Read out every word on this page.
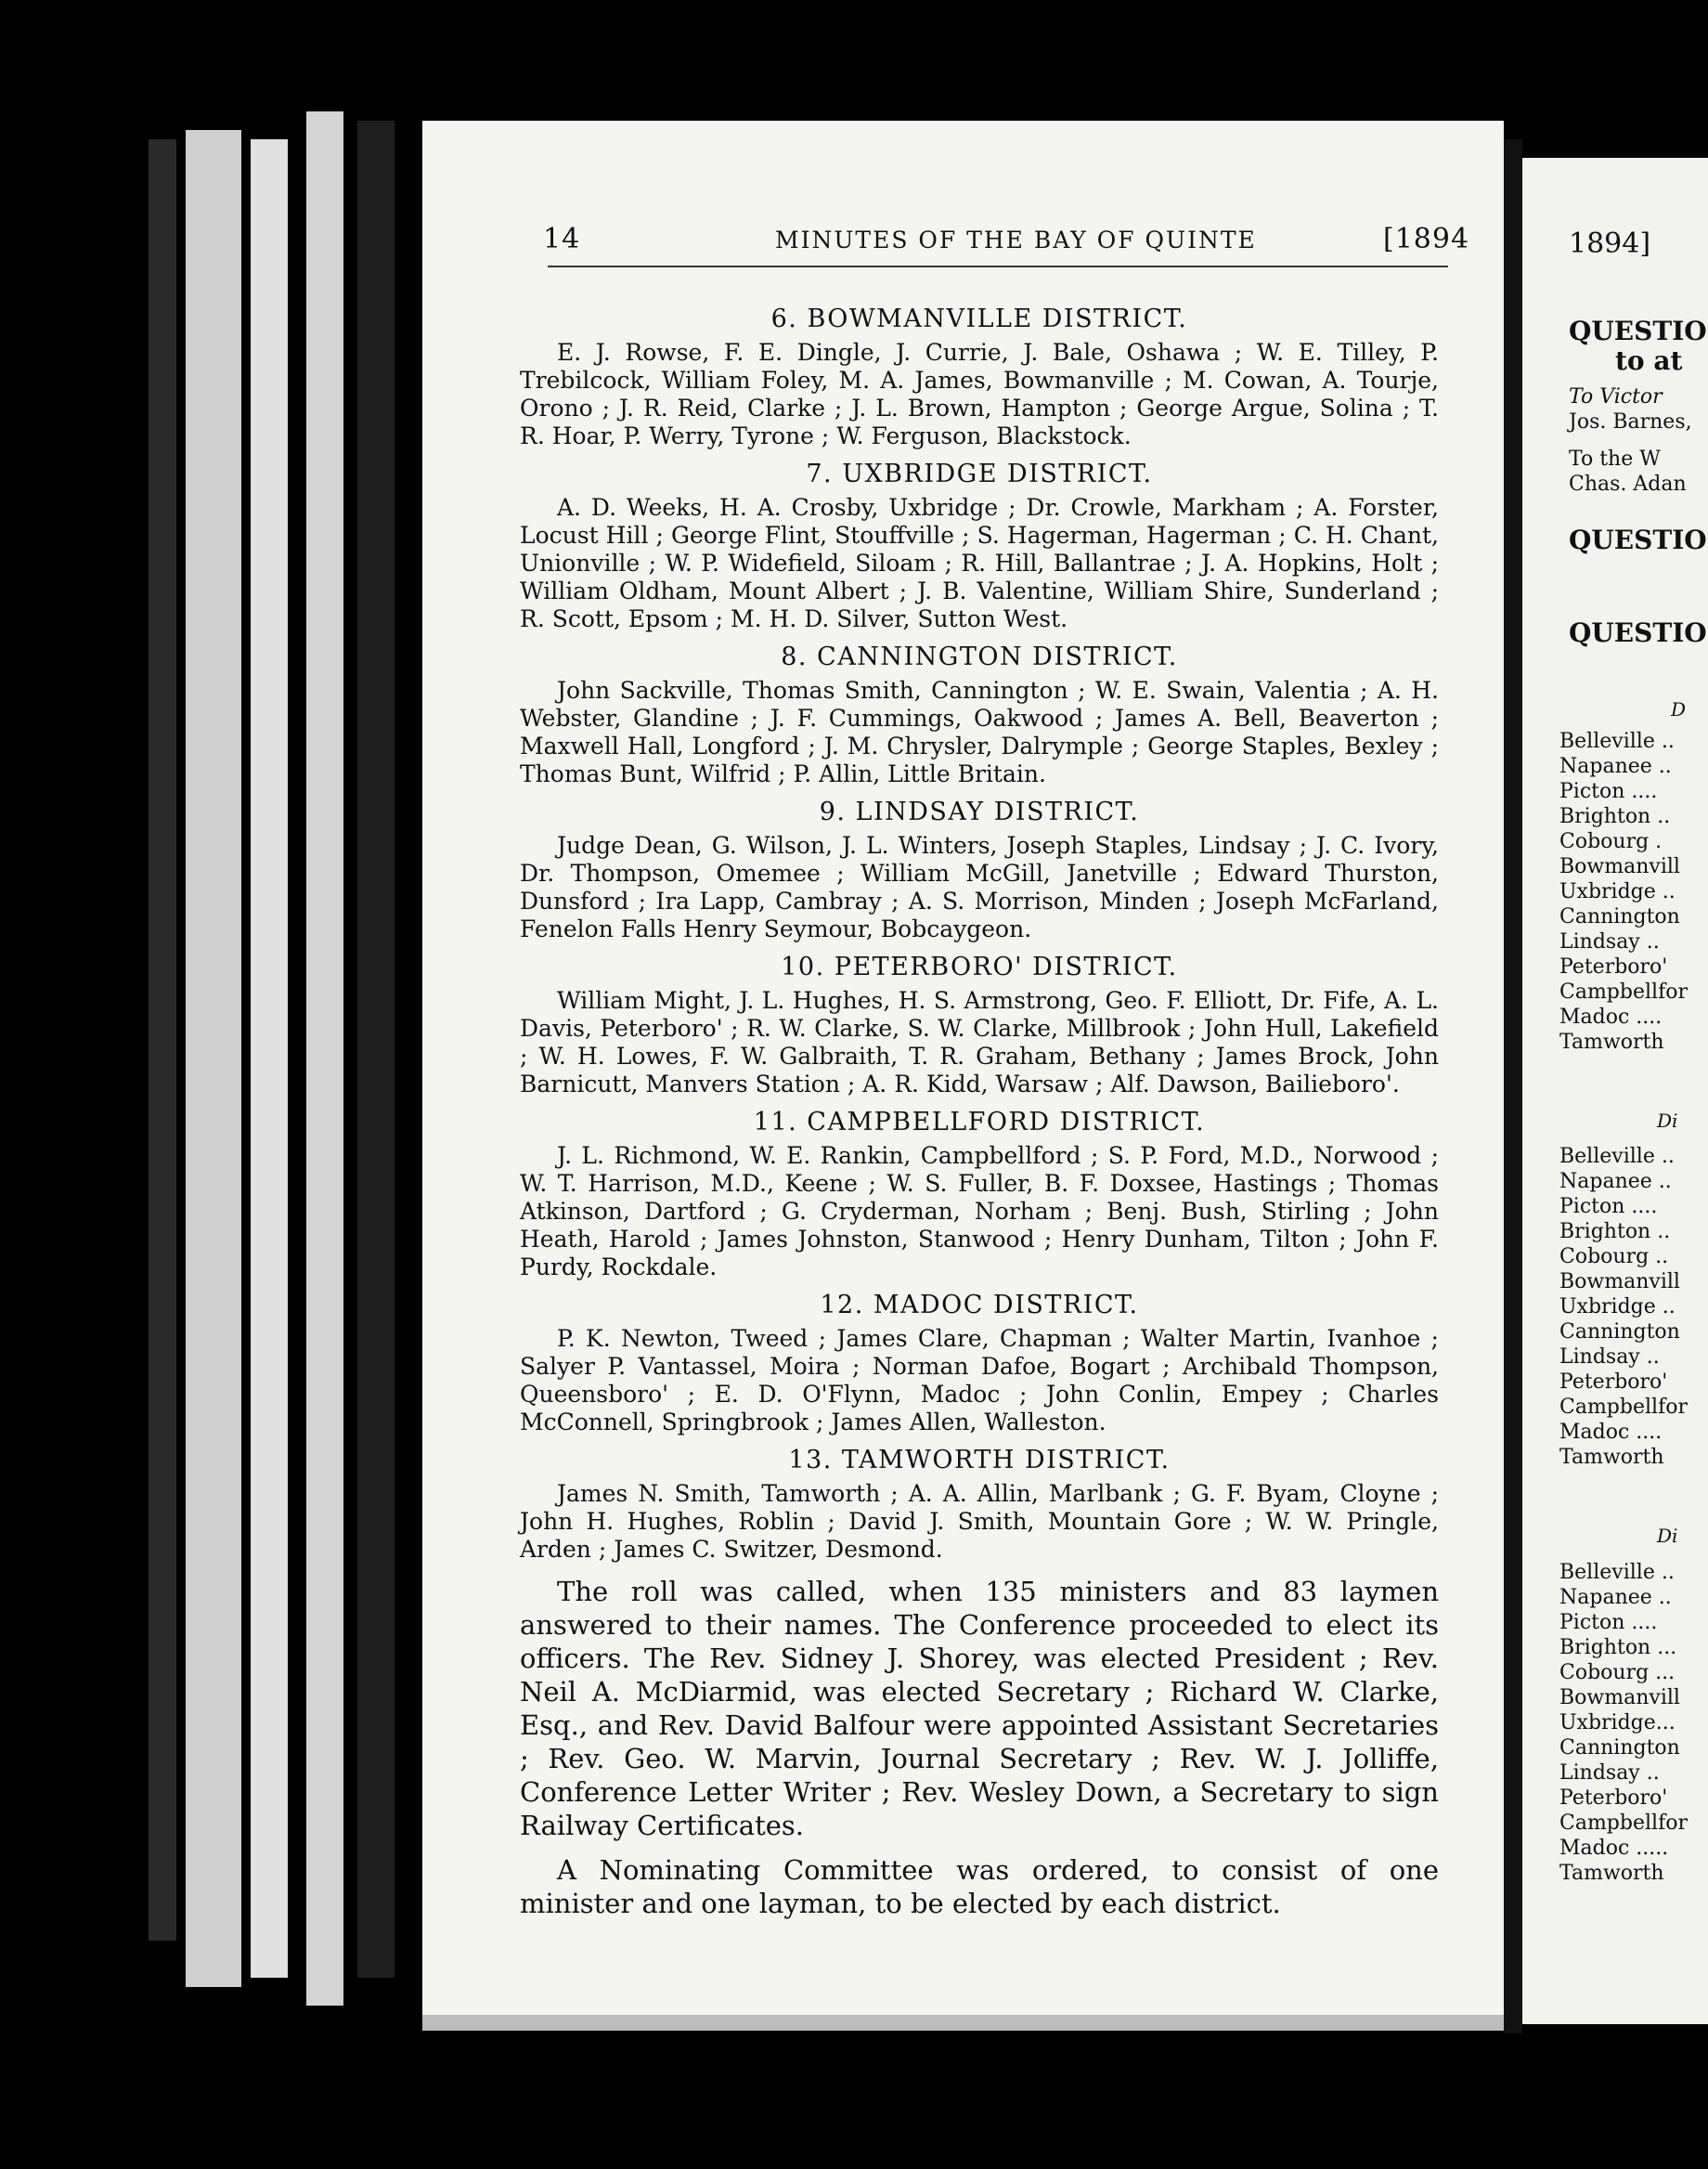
14	MINUTES OF THE BAY OF QUINTE	[1894
6. BOWMANVILLE DISTRICT.

E. J. Rowse, F. E. Dingle, J. Currie, J. Bale, Oshawa ; W. E. Tilley, P. Trebilcock, William Foley, M. A. James, Bowmanville ; M. Cowan, A. Tourje, Orono ; J. R. Reid, Clarke ; J. L. Brown, Hampton ; George Argue, Solina ; T. R. Hoar, P. Werry, Tyrone ; W. Ferguson, Blackstock.

7. UXBRIDGE DISTRICT.

A. D. Weeks, H. A. Crosby, Uxbridge ; Dr. Crowle, Markham ; A. Forster, Locust Hill ; George Flint, Stouffville ; S. Hagerman, Hagerman ; C. H. Chant, Unionville ; W. P. Widefield, Siloam ; R. Hill, Ballantrae ; J. A. Hopkins, Holt ; William Oldham, Mount Albert ; J. B. Valentine, William Shire, Sunderland ; R. Scott, Epsom ; M. H. D. Silver, Sutton West.

8. CANNINGTON DISTRICT.

John Sackville, Thomas Smith, Cannington ; W. E. Swain, Valentia ; A. H. Webster, Glandine ; J. F. Cummings, Oakwood ; James A. Bell, Beaverton ; Maxwell Hall, Longford ; J. M. Chrysler, Dalrymple ; George Staples, Bexley ; Thomas Bunt, Wilfrid ; P. Allin, Little Britain.

9. LINDSAY DISTRICT.

Judge Dean, G. Wilson, J. L. Winters, Joseph Staples, Lindsay ; J. C. Ivory, Dr. Thompson, Omemee ; William McGill, Janetville ; Edward Thurston, Dunsford ; Ira Lapp, Cambray ; A. S. Morrison, Minden ; Joseph McFarland, Fenelon Falls Henry Seymour, Bobcaygeon.

10. PETERBORO' DISTRICT.

William Might, J. L. Hughes, H. S. Armstrong, Geo. F. Elliott, Dr. Fife, A. L. Davis, Peterboro' ; R. W. Clarke, S. W. Clarke, Millbrook ; John Hull, Lakefield ; W. H. Lowes, F. W. Galbraith, T. R. Graham, Bethany ; James Brock, John Barnicutt, Manvers Station ; A. R. Kidd, Warsaw ; Alf. Dawson, Bailieboro'.

11. CAMPBELLFORD DISTRICT.

J. L. Richmond, W. E. Rankin, Campbellford ; S. P. Ford, M.D., Norwood ; W. T. Harrison, M.D., Keene ; W. S. Fuller, B. F. Doxsee, Hastings ; Thomas Atkinson, Dartford ; G. Cryderman, Norham ; Benj. Bush, Stirling ; John Heath, Harold ; James Johnston, Stanwood ; Henry Dunham, Tilton ; John F. Purdy, Rockdale.

12. MADOC DISTRICT.

P. K. Newton, Tweed ; James Clare, Chapman ; Walter Martin, Ivanhoe ; Salyer P. Vantassel, Moira ; Norman Dafoe, Bogart ; Archibald Thompson, Queensboro' ; E. D. O'Flynn, Madoc ; John Conlin, Empey ; Charles McConnell, Springbrook ; James Allen, Walleston.

13. TAMWORTH DISTRICT.

James N. Smith, Tamworth ; A. A. Allin, Marlbank ; G. F. Byam, Cloyne ; John H. Hughes, Roblin ; David J. Smith, Mountain Gore ; W. W. Pringle, Arden ; James C. Switzer, Desmond.

The roll was called, when 135 ministers and 83 laymen answered to their names. The Conference proceeded to elect its officers. The Rev. Sidney J. Shorey, was elected President ; Rev. Neil A. McDiarmid, was elected Secretary ; Richard W. Clarke, Esq., and Rev. David Balfour were appointed Assistant Secretaries ; Rev. Geo. W. Marvin, Journal Secretary ; Rev. W. J. Jolliffe, Conference Letter Writer ; Rev. Wesley Down, a Secretary to sign Railway Certificates.

A Nominating Committee was ordered, to consist of one minister and one layman, to be elected by each district.

1894]
QUESTIO
to at
To Victor
Jos. Barnes,
To the W
Chas. Adan
QUESTIO
QUESTIO
D
Belleville ..
Napanee ..
Picton ....
Brighton ..
Cobourg .
Bowmanvill
Uxbridge ..
Cannington
Lindsay ..
Peterboro'
Campbellfor
Madoc ....
Tamworth
Di
Belleville ..
Napanee ..
Picton ....
Brighton ..
Cobourg ..
Bowmanvill
Uxbridge ..
Cannington
Lindsay ..
Peterboro'
Campbellfor
Madoc ....
Tamworth
Di
Belleville ..
Napanee ..
Picton ....
Brighton ...
Cobourg ...
Bowmanvill
Uxbridge...
Cannington
Lindsay ..
Peterboro'
Campbellfor
Madoc .....
Tamworth
